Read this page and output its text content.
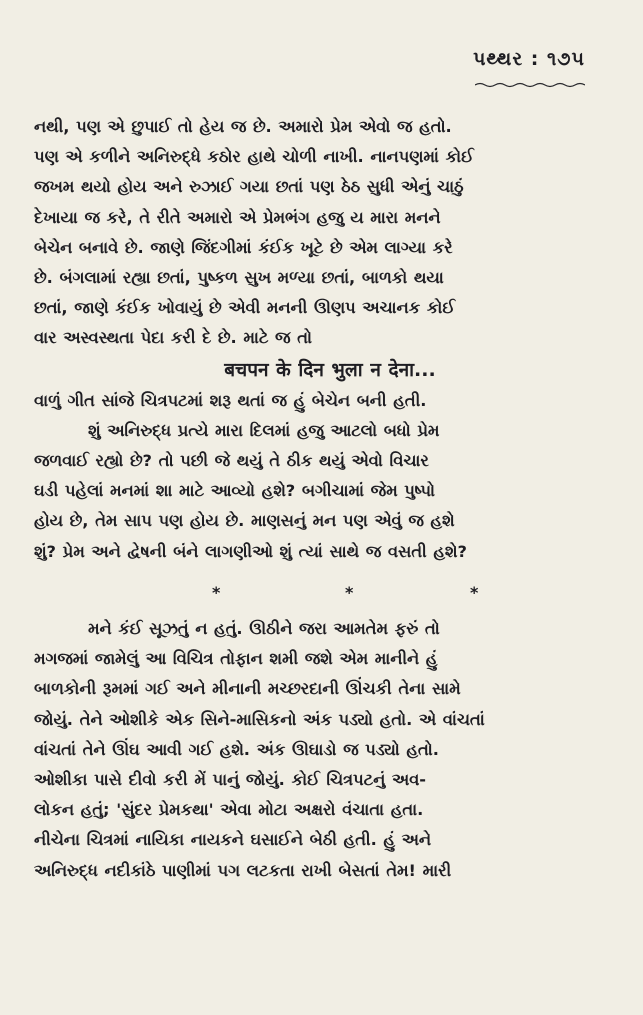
પથ્થર : ૧૭૫
નથી, પણ એ છુપાઈ તો હેય જ છે. અમારો પ્રેમ એવો જ હતો.
પણ એ કળીને અનિરુદ્ધે કઠોર હાથે ચોળી નાખી. નાનપણમાં કોઈ
જખમ થયો હોય અને રુઝાઈ ગયા છતાં પણ ઠેઠ સુધી એનું ચાઠું
દેખાયા જ કરે, તે રીતે અમારો એ પ્રેમભંગ હજુ ય મારા મનને
બેચેન બનાવે છે. જાણે જિંદગીમાં કંઈક ખૂટે છે એમ લાગ્યા કરે
છે. બંગલામાં રહ્યા છતાં, પુષ્કળ સુખ મળ્યા છતાં, બાળકો થયા
છતાં, જાણે કંઈક ખોવાયું છે એવી મનની ઊણપ અચાનક કોઈ
વાર અસ્વસ્થતા પેદા કરી દે છે. માટે જ તો
बचपन के दिन भुला न देना...
વાળું ગીત સાંજે ચિત્રપટમાં શરૂ થતાં જ હું બેચેન બની હતી.
શું અનિરુદ્ધ પ્રત્યે મારા દિલમાં હજુ આટલો બધો પ્રેમ
જળવાઈ રહ્યો છે? તો પછી જે થયું તે ઠીક થયું એવો વિચાર
ઘડી પહેલાં મનમાં શા માટે આવ્યો હશે? બગીચામાં જેમ પુષ્પો
હોય છે, તેમ સાપ પણ હોય છે. માણસનું મન પણ એવું જ હશે
શું? પ્રેમ અને દ્વેષની બંને લાગણીઓ શું ત્યાં સાથે જ વસતી હશે?
*	*	*
મને કંઈ સૂઝતું ન હતું. ઊઠીને જરા આમતેમ ફરું તો
મગજમાં જામેલું આ વિચિત્ર તોફાન શમી જશે એમ માનીને હું
બાળકોની રૂમમાં ગઈ અને મીનાની મચ્છરદાની ઊંચકી તેના સામે
જોયું. તેને ઓશીકે એક સિને-માસિકનો અંક પડ્યો હતો. એ વાંચતાં
વાંચતાં તેને ઊંઘ આવી ગઈ હશે. અંક ઊઘાડો જ પડ્યો હતો.
ઓશીકા પાસે દીવો કરી મેં પાનું જોયું. કોઈ ચિત્રપટનું અવ-
લોકન હતું; 'સુંદર પ્રેમકથા' એવા મોટા અક્ષરો વંચાતા હતા.
નીચેના ચિત્રમાં નાયિકા નાયકને ઘસાઈને બેઠી હતી. હું અને
અનિરુદ્ધ નદીકાંઠે પાણીમાં પગ લટકતા રાખી બેસતાં તેમ! મારી
